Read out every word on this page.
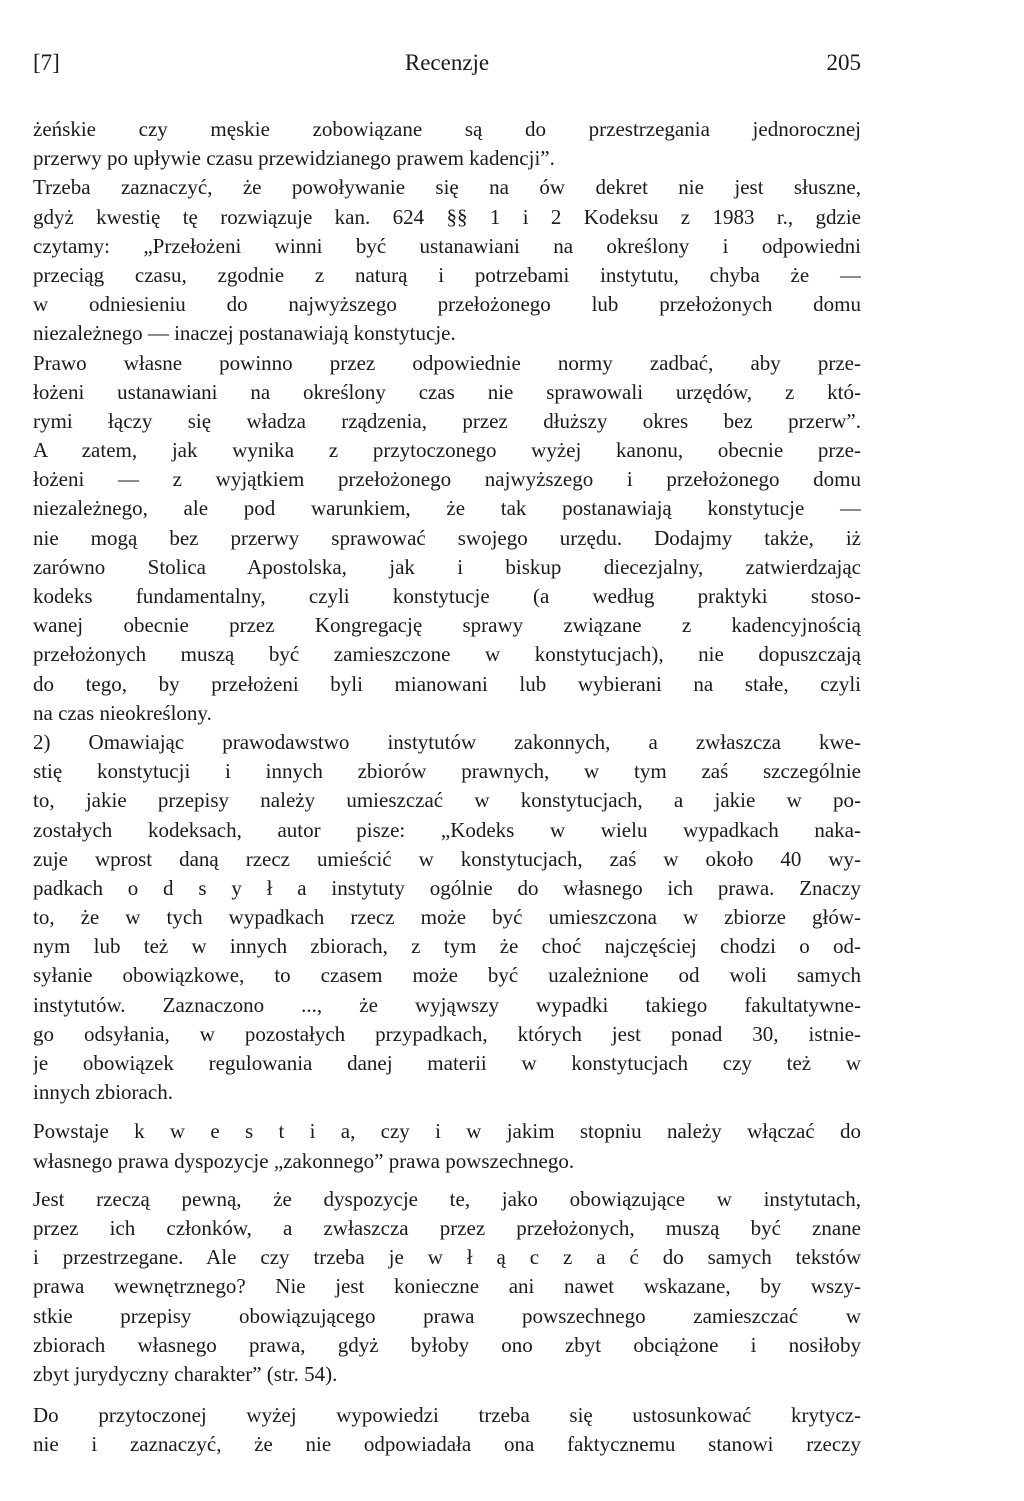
[7]	Recenzje	205
żeńskie czy męskie zobowiązane są do przestrzegania jednorocznej
przerwy po upływie czasu przewidzianego prawem kadencji”.
Trzeba zaznaczyć, że powoływanie się na ów dekret nie jest słuszne,
gdyż kwestię tę rozwiązuje kan. 624 §§ 1 i 2 Kodeksu z 1983 r., gdzie
czytamy: „Przełożeni winni być ustanawiani na określony i odpowiedni
przeciąg czasu, zgodnie z naturą i potrzebami instytutu, chyba że —
w odniesieniu do najwyższego przełożonego lub przełożonych domu
niezależnego — inaczej postanawiają konstytucje.
Prawo własne powinno przez odpowiednie normy zadbać, aby prze-
łożeni ustanawiani na określony czas nie sprawowali urzędów, z któ-
rymi łączy się władza rządzenia, przez dłuższy okres bez przerw”.
A zatem, jak wynika z przytoczonego wyżej kanonu, obecnie prze-
łożeni — z wyjątkiem przełożonego najwyższego i przełożonego domu
niezależnego, ale pod warunkiem, że tak postanawiają konstytucje —
nie mogą bez przerwy sprawować swojego urzędu. Dodajmy także, iż
zarówno Stolica Apostolska, jak i biskup diecezjalny, zatwierdzając
kodeks fundamentalny, czyli konstytucje (a według praktyki stoso-
wanej obecnie przez Kongregację sprawy związane z kadencyjnością
przełożonych muszą być zamieszczone w konstytucjach), nie dopuszczają
do tego, by przełożeni byli mianowani lub wybierani na stałe, czyli
na czas nieokreślony.
2) Omawiając prawodawstwo instytutów zakonnych, a zwłaszcza kwe-
stię konstytucji i innych zbiorów prawnych, w tym zaś szczególnie
to, jakie przepisy należy umieszczać w konstytucjach, a jakie w po-
zostałych kodeksach, autor pisze: „Kodeks w wielu wypadkach naka-
zuje wprost daną rzecz umieścić w konstytucjach, zaś w około 40 wy-
padkach o d s y ł a instytuty ogólnie do własnego ich prawa. Znaczy
to, że w tych wypadkach rzecz może być umieszczona w zbiorze głów-
nym lub też w innych zbiorach, z tym że choć najczęściej chodzi o od-
syłanie obowiązkowe, to czasem może być uzależnione od woli samych
instytutów. Zaznaczono ..., że wyjąwszy wypadki takiego fakultatywne-
go odsyłania, w pozostałych przypadkach, których jest ponad 30, istnie-
je obowiązek regulowania danej materii w konstytucjach czy też w
innych zbiorach.
Powstaje k w e s t i a, czy i w jakim stopniu należy włączać do
własnego prawa dyspozycje „zakonnego” prawa powszechnego.
Jest rzeczą pewną, że dyspozycje te, jako obowiązujące w instytutach,
przez ich członków, a zwłaszcza przez przełożonych, muszą być znane
i przestrzegane. Ale czy trzeba je w ł ą c z a ć do samych tekstów
prawa wewnętrznego? Nie jest konieczne ani nawet wskazane, by wszy-
stkie przepisy obowiązującego prawa powszechnego zamieszczać w
zbiorach własnego prawa, gdyż byłoby ono zbyt obciążone i nosiłoby
zbyt jurydyczny charakter” (str. 54).
Do przytoczonej wyżej wypowiedzi trzeba się ustosunkować krytycz-
nie i zaznaczyć, że nie odpowiadała ona faktycznemu stanowi rzeczy
